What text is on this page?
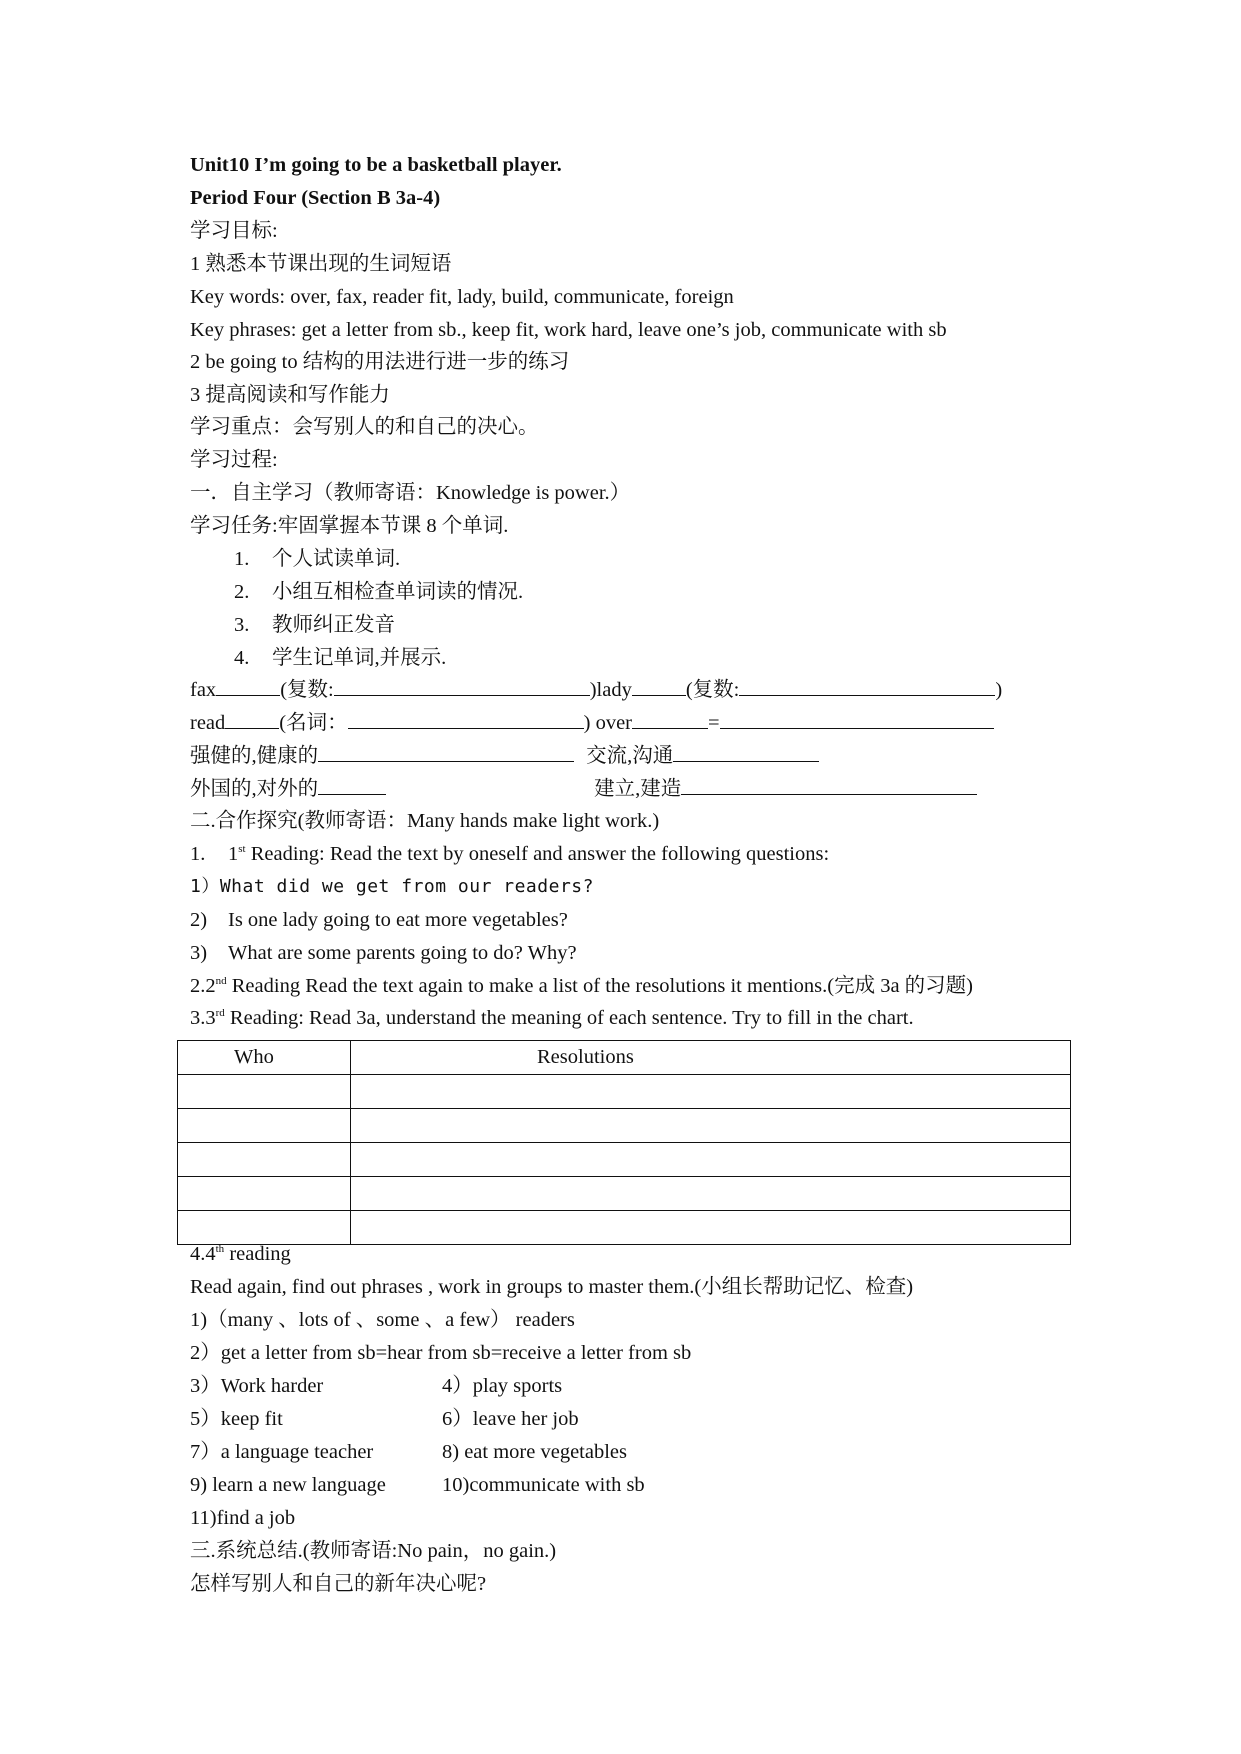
Unit10 I’m going to be a basketball player.
Period Four (Section B 3a-4)
学习目标:
1 熟悉本节课出现的生词短语
Key words: over, fax, reader fit, lady, build, communicate, foreign
Key phrases: get a letter from sb., keep fit, work hard, leave one’s job, communicate with sb
2 be going to 结构的用法进行进一步的练习
3 提高阅读和写作能力
学习重点：会写别人的和自己的决心。
学习过程:
一．自主学习（教师寄语：Knowledge is power.）
学习任务:牢固掌握本节课 8 个单词.
1. 个人试读单词.
2. 小组互相检查单词读的情况.
3. 教师纠正发音
4. 学生记单词,并展示.
fax	(复数:	)lady	(复数:	)
read	(名词：	) over	=
强健的,健康的	交流,沟通
外国的,对外的	建立,建造
二.合作探究(教师寄语：Many hands make light work.)
1. 1st Reading: Read the text by oneself and answer the following questions:
1）What did we get from our readers?
2) Is one lady going to eat more vegetables?
3) What are some parents going to do? Why?
2.2nd Reading Read the text again to make a list of the resolutions it mentions.(完成 3a 的习题)
3.3rd Reading: Read 3a, understand the meaning of each sentence. Try to fill in the chart.
4.4th reading
Read again, find out phrases , work in groups to master them.(小组长帮助记忆、检查)
1)（many 、lots of 、some 、a few） readers
2）get a letter from sb=hear from sb=receive a letter from sb
3）Work harder	4）play sports
5）keep fit	6）leave her job
7）a language teacher	8) eat more vegetables
9) learn a new language	10)communicate with sb
11)find a job
三.系统总结.(教师寄语:No pain，no gain.)
怎样写别人和自己的新年决心呢?
Who	Resolutions
